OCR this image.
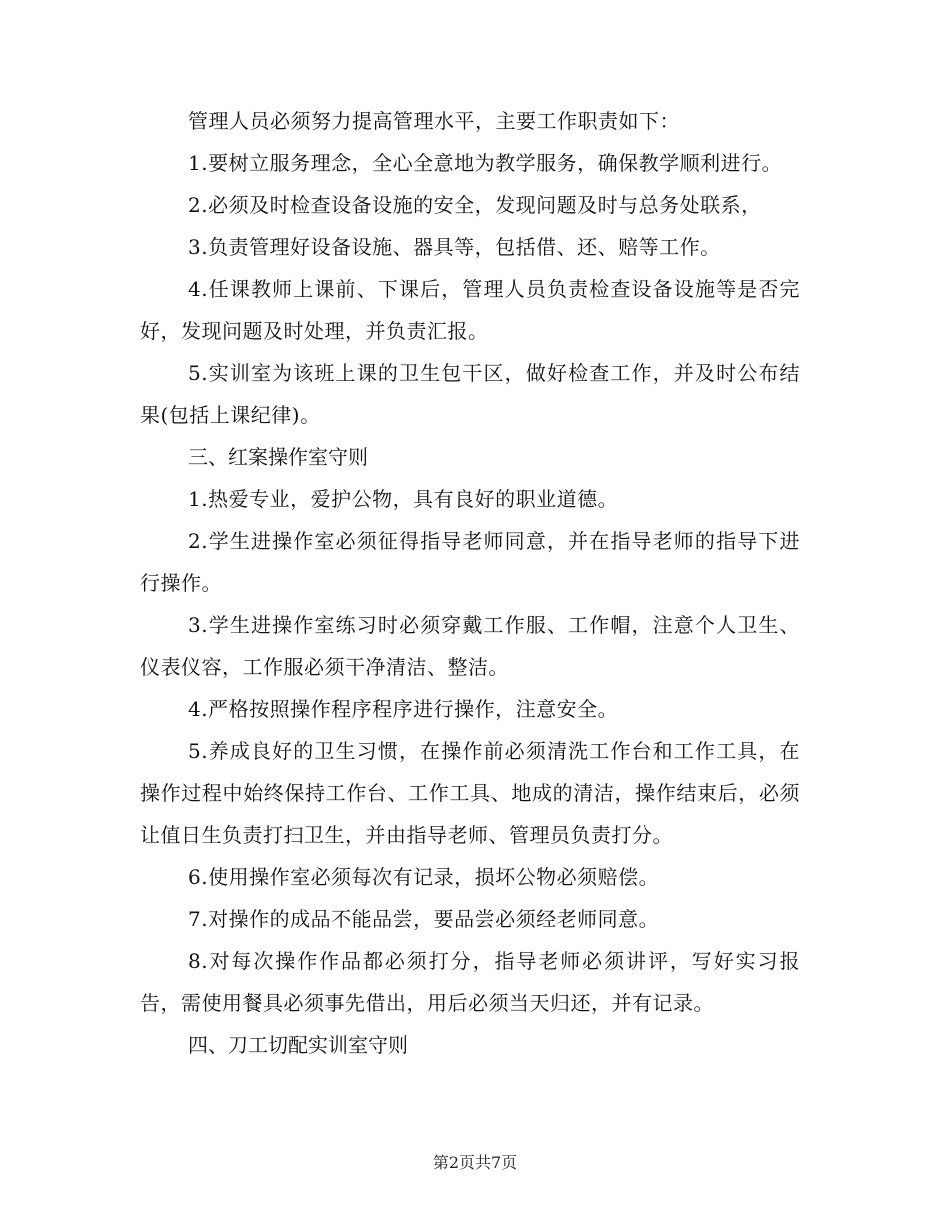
管理人员必须努力提高管理水平，主要工作职责如下：

1.要树立服务理念，全心全意地为教学服务，确保教学顺利进行。

2.必须及时检查设备设施的安全，发现问题及时与总务处联系，

3.负责管理好设备设施、器具等，包括借、还、赔等工作。

4.任课教师上课前、下课后，管理人员负责检查设备设施等是否完好，发现问题及时处理，并负责汇报。

5.实训室为该班上课的卫生包干区，做好检查工作，并及时公布结果(包括上课纪律)。

三、红案操作室守则

1.热爱专业，爱护公物，具有良好的职业道德。

2.学生进操作室必须征得指导老师同意，并在指导老师的指导下进行操作。

3.学生进操作室练习时必须穿戴工作服、工作帽，注意个人卫生、仪表仪容，工作服必须干净清洁、整洁。

4.严格按照操作程序程序进行操作，注意安全。

5.养成良好的卫生习惯，在操作前必须清洗工作台和工作工具，在操作过程中始终保持工作台、工作工具、地成的清洁，操作结束后，必须让值日生负责打扫卫生，并由指导老师、管理员负责打分。

6.使用操作室必须每次有记录，损坏公物必须赔偿。

7.对操作的成品不能品尝，要品尝必须经老师同意。

8.对每次操作作品都必须打分，指导老师必须讲评，写好实习报告，需使用餐具必须事先借出，用后必须当天归还，并有记录。

四、刀工切配实训室守则

第2页共7页
